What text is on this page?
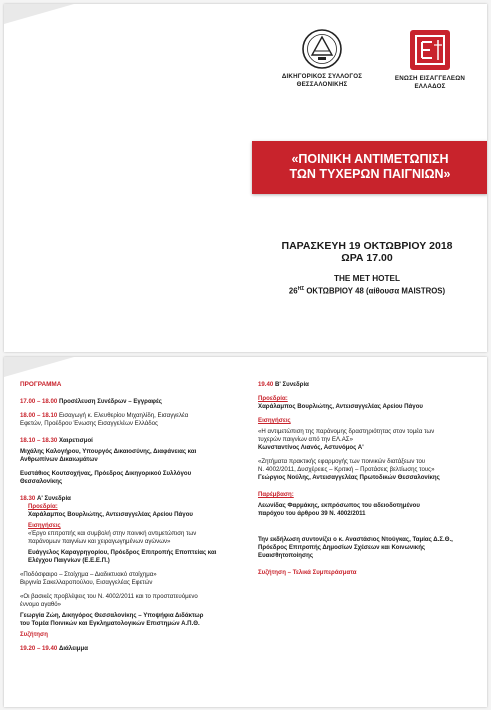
ΔΙΚΗΓΟΡΙΚΟΣ ΣΥΛΛΟΓΟΣ
ΘΕΣΣΑΛΟΝΙΚΗΣ
ΕΝΩΣΗ ΕΙΣΑΓΓΕΛΕΩΝ
ΕΛΛΑΔΟΣ
«ΠΟΙΝΙΚΗ ΑΝΤΙΜΕΤΩΠΙΣΗ
ΤΩΝ ΤΥΧΕΡΩΝ ΠΑΙΓΝΙΩΝ»
ΠΑΡΑΣΚΕΥΗ 19 ΟΚΤΩΒΡΙΟΥ 2018
ΩΡΑ 17.00
THE MET HOTEL
$26^{H\Sigma}$ ΟΚΤΩΒΡΙΟΥ 48 (αίθουσα MAISTROS)
ΠΡΟΓΡΑΜΜΑ
17.00 – 18.00 Προσέλευση Συνέδρων – Εγγραφές
18.00 – 18.10 Εισαγωγή κ. Ελευθερίου Μιχαηλίδη, Εισαγγελέα
Εφετών, Προέδρου Ένωσης Εισαγγελέων Ελλάδος
18.10 – 18.30 Χαιρετισμοί
Μιχάλης Καλογήρου, Υπουργός Δικαιοσύνης, Διαφάνειας και
Ανθρωπίνων Δικαιωμάτων
Ευστάθιος Κουτσοχήνας, Πρόεδρος Δικηγορικού Συλλόγου
Θεσσαλονίκης
18.30 Α' Συνεδρία
Προεδρία:
Χαράλαμπος Βουρλιώτης, Αντεισαγγελέας Αρείου Πάγου
Εισηγήσεις
«Έργο επιτροπής και συμβολή στην ποινική αντιμετώπιση των
παράνομων παιγνίων και χειραγωγημένων αγώνων»
Ευάγγελος Καραγρηγορίου, Πρόεδρος Επιτροπής Εποπτείας και
Ελέγχου Παιγνίων (Ε.Ε.Ε.Π.)
«Ποδόσφαιρο – Στοίχημα – Διαδικτυακό στοίχημα»
Βιργινία Σακελλαροπούλου, Εισαγγελέας Εφετών
«Οι βασικές προβλέψεις του Ν. 4002/2011 και το προστατευόμενο
έννομο αγαθό»
Γεωργία Ζώη, Δικηγόρος Θεσσαλονίκης – Υποψήφια Διδάκτωρ
του Τομέα Ποινικών και Εγκληματολογικών Επιστημών Α.Π.Θ.
Συζήτηση
19.20 – 19.40 Διάλειμμα
19.40 Β' Συνεδρία
Προεδρία:
Χαράλαμπος Βουρλιώτης, Αντεισαγγελέας Αρείου Πάγου
Εισηγήσεις
«Η αντιμετώπιση της παράνομης δραστηριότητας στον τομέα των
τυχερών παιγνίων από την ΕΛ.ΑΣ»
Κωνσταντίνος Λιανός, Αστυνόμος Α'
«Ζητήματα πρακτικής εφαρμογής των ποινικών διατάξεων του
Ν. 4002/2011, Δυσχέρειες – Κριτική – Προτάσεις βελτίωσης τους»
Γεώργιος Νούλης, Αντεισαγγελέας Πρωτοδικών Θεσσαλονίκης
Παρέμβαση:
Λεωνίδας Φαρμάκης, εκπρόσωπος του αδειοδοτημένου
παρόχου του άρθρου 39 Ν. 4002/2011
Την εκδήλωση συντονίζει ο κ. Αναστάσιος Ντούγκας, Ταμίας Δ.Σ.Θ.,
Πρόεδρος Επιτροπής Δημοσίων Σχέσεων και Κοινωνικής
Ευαισθητοποίησης
Συζήτηση – Τελικά Συμπεράσματα
